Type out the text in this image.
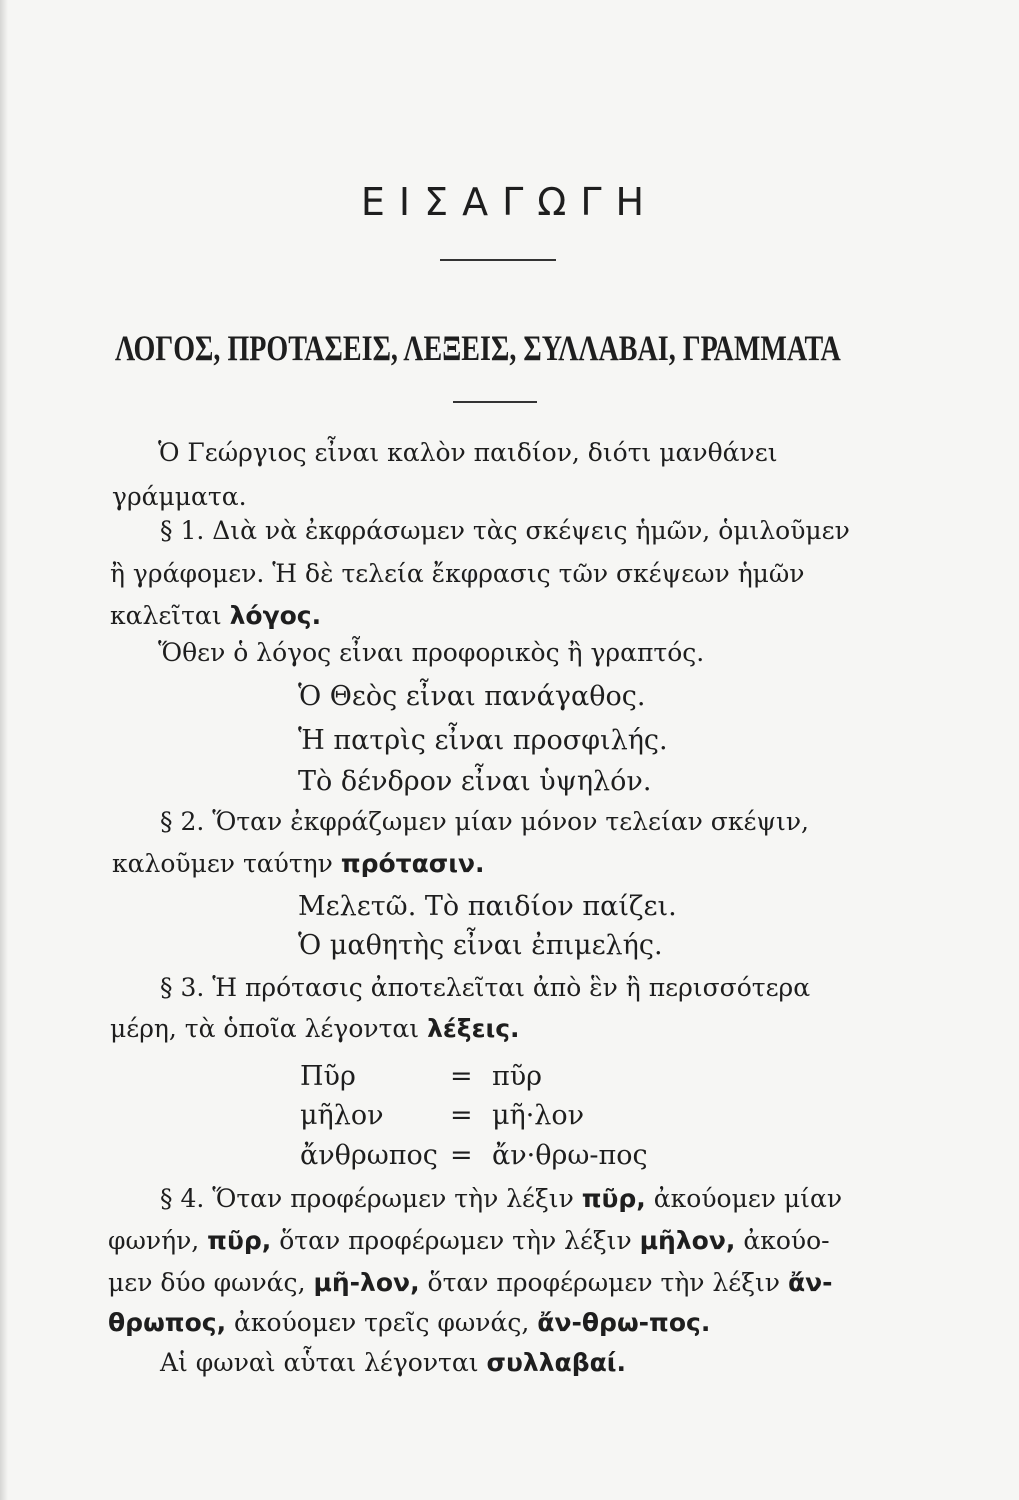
ΕΙΣΑΓΩΓΗ
ΛΟΓΟΣ, ΠΡΟΤΑΣΕΙΣ, ΛΕΞΕΙΣ, ΣΥΛΛΑΒΑΙ, ΓΡΑΜΜΑΤΑ
Ὁ Γεώργιος εἶναι καλὸν παιδίον, διότι μανθάνει
γράμματα.
§ 1. Διὰ νὰ ἐκφράσωμεν τὰς σκέψεις ἡμῶν, ὁμιλοῦμεν
ἢ γράφομεν. Ἡ δὲ τελεία ἔκφρασις τῶν σκέψεων ἡμῶν
καλεῖται λόγος.
Ὅθεν ὁ λόγος εἶναι προφορικὸς ἢ γραπτός.
Ὁ Θεὸς εἶναι πανάγαθος.
Ἡ πατρὶς εἶναι προσφιλής.
Τὸ δένδρον εἶναι ὑψηλόν.
§ 2. Ὅταν ἐκφράζωμεν μίαν μόνον τελείαν σκέψιν,
καλοῦμεν ταύτην πρότασιν.
Μελετῶ. Τὸ παιδίον παίζει.
Ὁ μαθητὴς εἶναι ἐπιμελής.
§ 3. Ἡ πρότασις ἀποτελεῖται ἀπὸ ἓν ἢ περισσότερα
μέρη, τὰ ὁποῖα λέγονται λέξεις.
Πῦρ	= πῦρ
μῆλον = μῆ·λον
ἄνθρωπος = ἄν·θρω-πος
§ 4. Ὅταν προφέρωμεν τὴν λέξιν πῦρ, ἀκούομεν μίαν
φωνήν, πῦρ, ὅταν προφέρωμεν τὴν λέξιν μῆλον, ἀκούο-
μεν δύο φωνάς, μῆ-λον, ὅταν προφέρωμεν τὴν λέξιν ἄν-
θρωπος, ἀκούομεν τρεῖς φωνάς, ἄν-θρω-πος.
Αἱ φωναὶ αὗται λέγονται συλλαβαί.
